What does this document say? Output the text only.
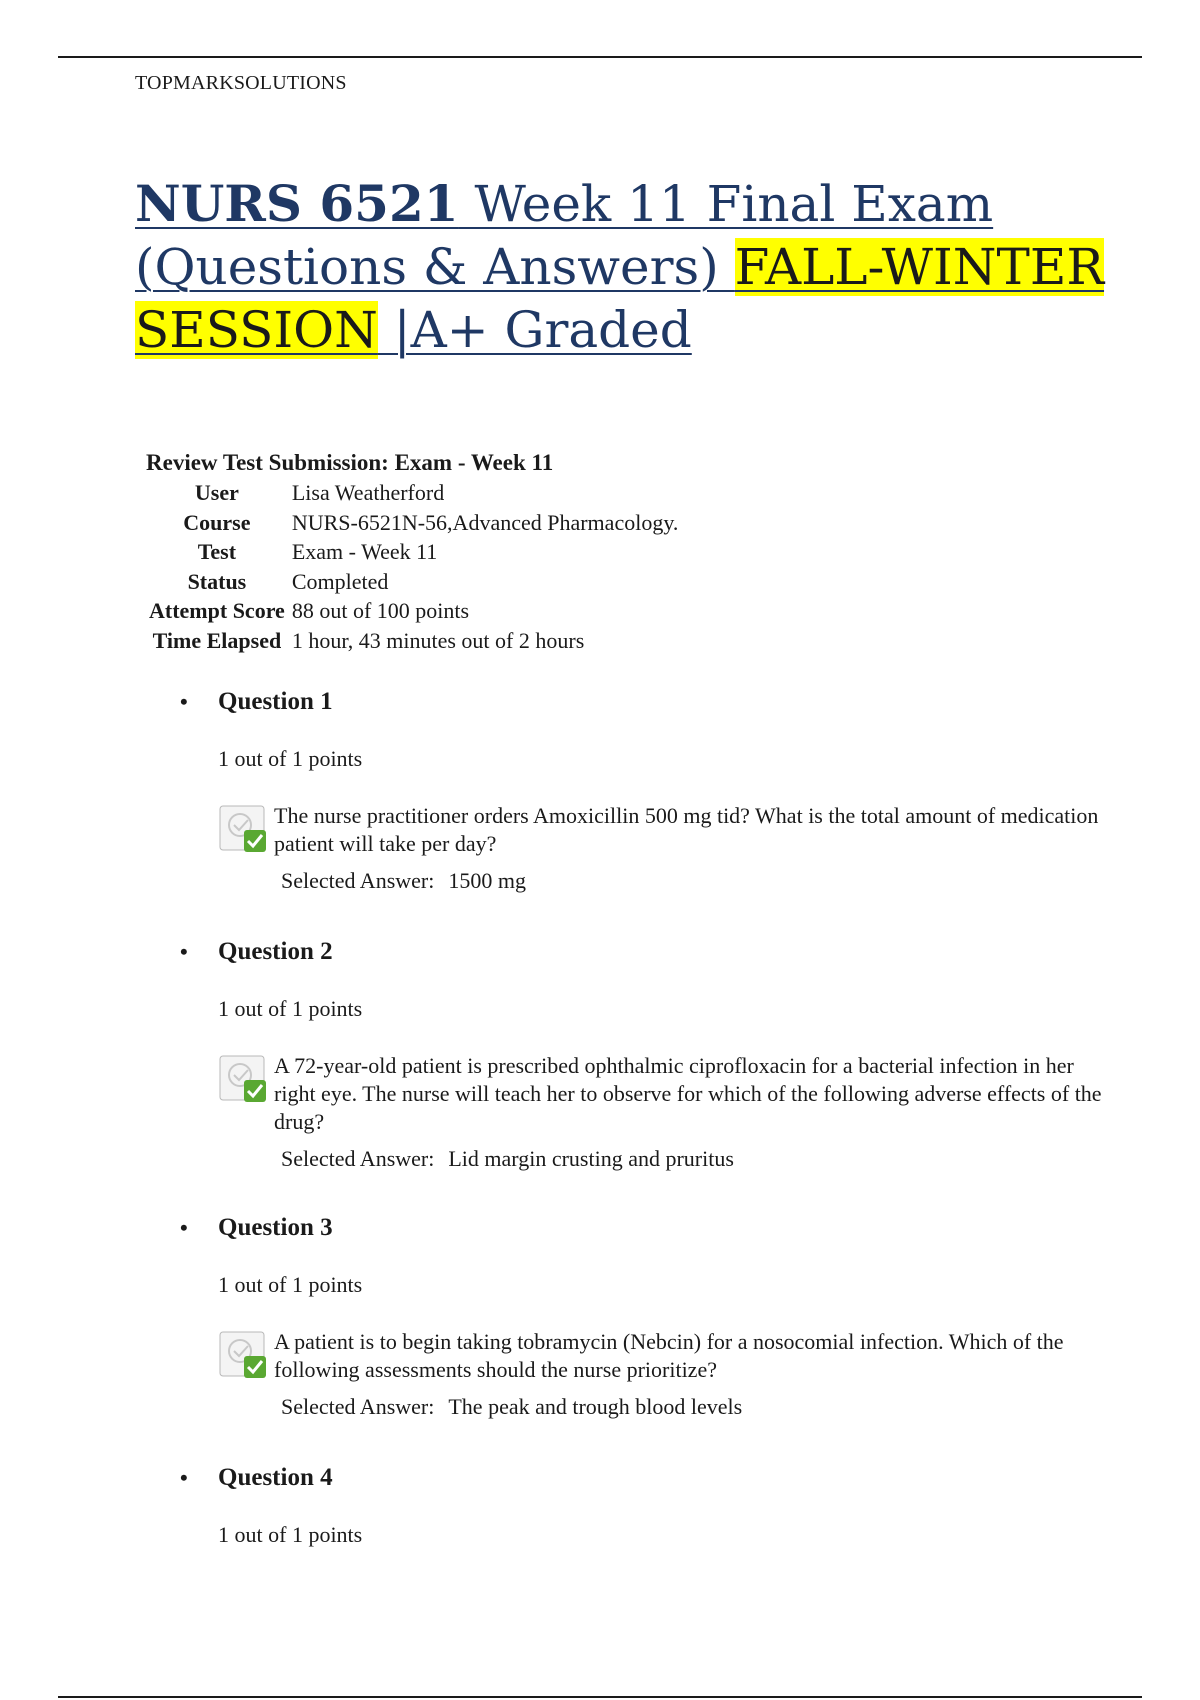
TOPMARKSOLUTIONS
NURS 6521 Week 11 Final Exam (Questions & Answers) FALL-WINTER SESSION |A+ Graded
Review Test Submission: Exam - Week 11
User	Lisa Weatherford
Course	NURS-6521N-56,Advanced Pharmacology.
Test	Exam - Week 11
Status	Completed
Attempt Score	88 out of 100 points
Time Elapsed	1 hour, 43 minutes out of 2 hours
•	Question 1
1 out of 1 points
The nurse practitioner orders Amoxicillin 500 mg tid? What is the total amount of medication patient will take per day?
Selected Answer: 1500 mg
•	Question 2
1 out of 1 points
A 72-year-old patient is prescribed ophthalmic ciprofloxacin for a bacterial infection in her right eye. The nurse will teach her to observe for which of the following adverse effects of the drug?
Selected Answer: Lid margin crusting and pruritus
•	Question 3
1 out of 1 points
A patient is to begin taking tobramycin (Nebcin) for a nosocomial infection. Which of the following assessments should the nurse prioritize?
Selected Answer: The peak and trough blood levels
•	Question 4
1 out of 1 points
